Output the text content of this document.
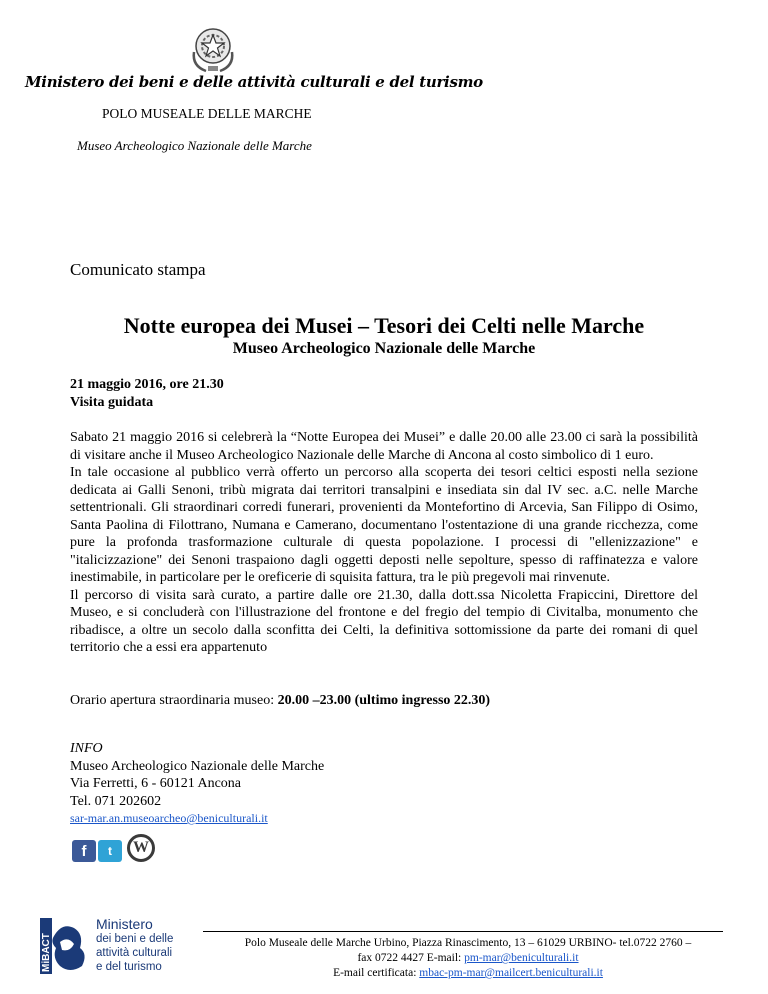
Ministero dei beni e delle attività culturali e del turismo
POLO MUSEALE DELLE MARCHE
Museo Archeologico Nazionale delle Marche
Comunicato stampa
Notte europea dei Musei – Tesori dei Celti nelle Marche
Museo Archeologico Nazionale delle Marche
21 maggio 2016, ore 21.30
Visita guidata

Sabato 21 maggio 2016 si celebrerà la “Notte Europea dei Musei” e dalle 20.00 alle 23.00 ci sarà la possibilità di visitare anche il Museo Archeologico Nazionale delle Marche di Ancona al costo simbolico di 1 euro.

In tale occasione al pubblico verrà offerto un percorso alla scoperta dei tesori celtici esposti nella sezione dedicata ai Galli Senoni, tribù migrata dai territori transalpini e insediata sin dal IV sec. a.C. nelle Marche settentrionali. Gli straordinari corredi funerari, provenienti da Montefortino di Arcevia, San Filippo di Osimo, Santa Paolina di Filottrano, Numana e Camerano, documentano l'ostentazione di una grande ricchezza, come pure la profonda trasformazione culturale di questa popolazione. I processi di "ellenizzazione" e "italicizzazione" dei Senoni traspaiono dagli oggetti deposti nelle sepolture, spesso di raffinatezza e valore inestimabile, in particolare per le oreficerie di squisita fattura, tra le più pregevoli mai rinvenute.

Il percorso di visita sarà curato, a partire dalle ore 21.30, dalla dott.ssa Nicoletta Frapiccini, Direttore del Museo, e si concluderà con l'illustrazione del frontone e del fregio del tempio di Civitalba, monumento che ribadisce, a oltre un secolo dalla sconfitta dei Celti, la definitiva sottomissione da parte dei romani di quel territorio che a essi era appartenuto

Orario apertura straordinaria museo: 20.00 –23.00 (ultimo ingresso 22.30)
INFO
Museo Archeologico Nazionale delle Marche
Via Ferretti, 6 - 60121 Ancona
Tel. 071 202602
sar-mar.an.museoarcheo@beniculturali.it
f	t	W
MiBACT
Ministero
dei beni e delle
attività culturali
e del turismo
Polo Museale delle Marche Urbino, Piazza Rinascimento, 13 – 61029 URBINO- tel.0722 2760 –
fax 0722 4427 E-mail: pm-mar@beniculturali.it
E-mail certificata: mbac-pm-mar@mailcert.beniculturali.it
